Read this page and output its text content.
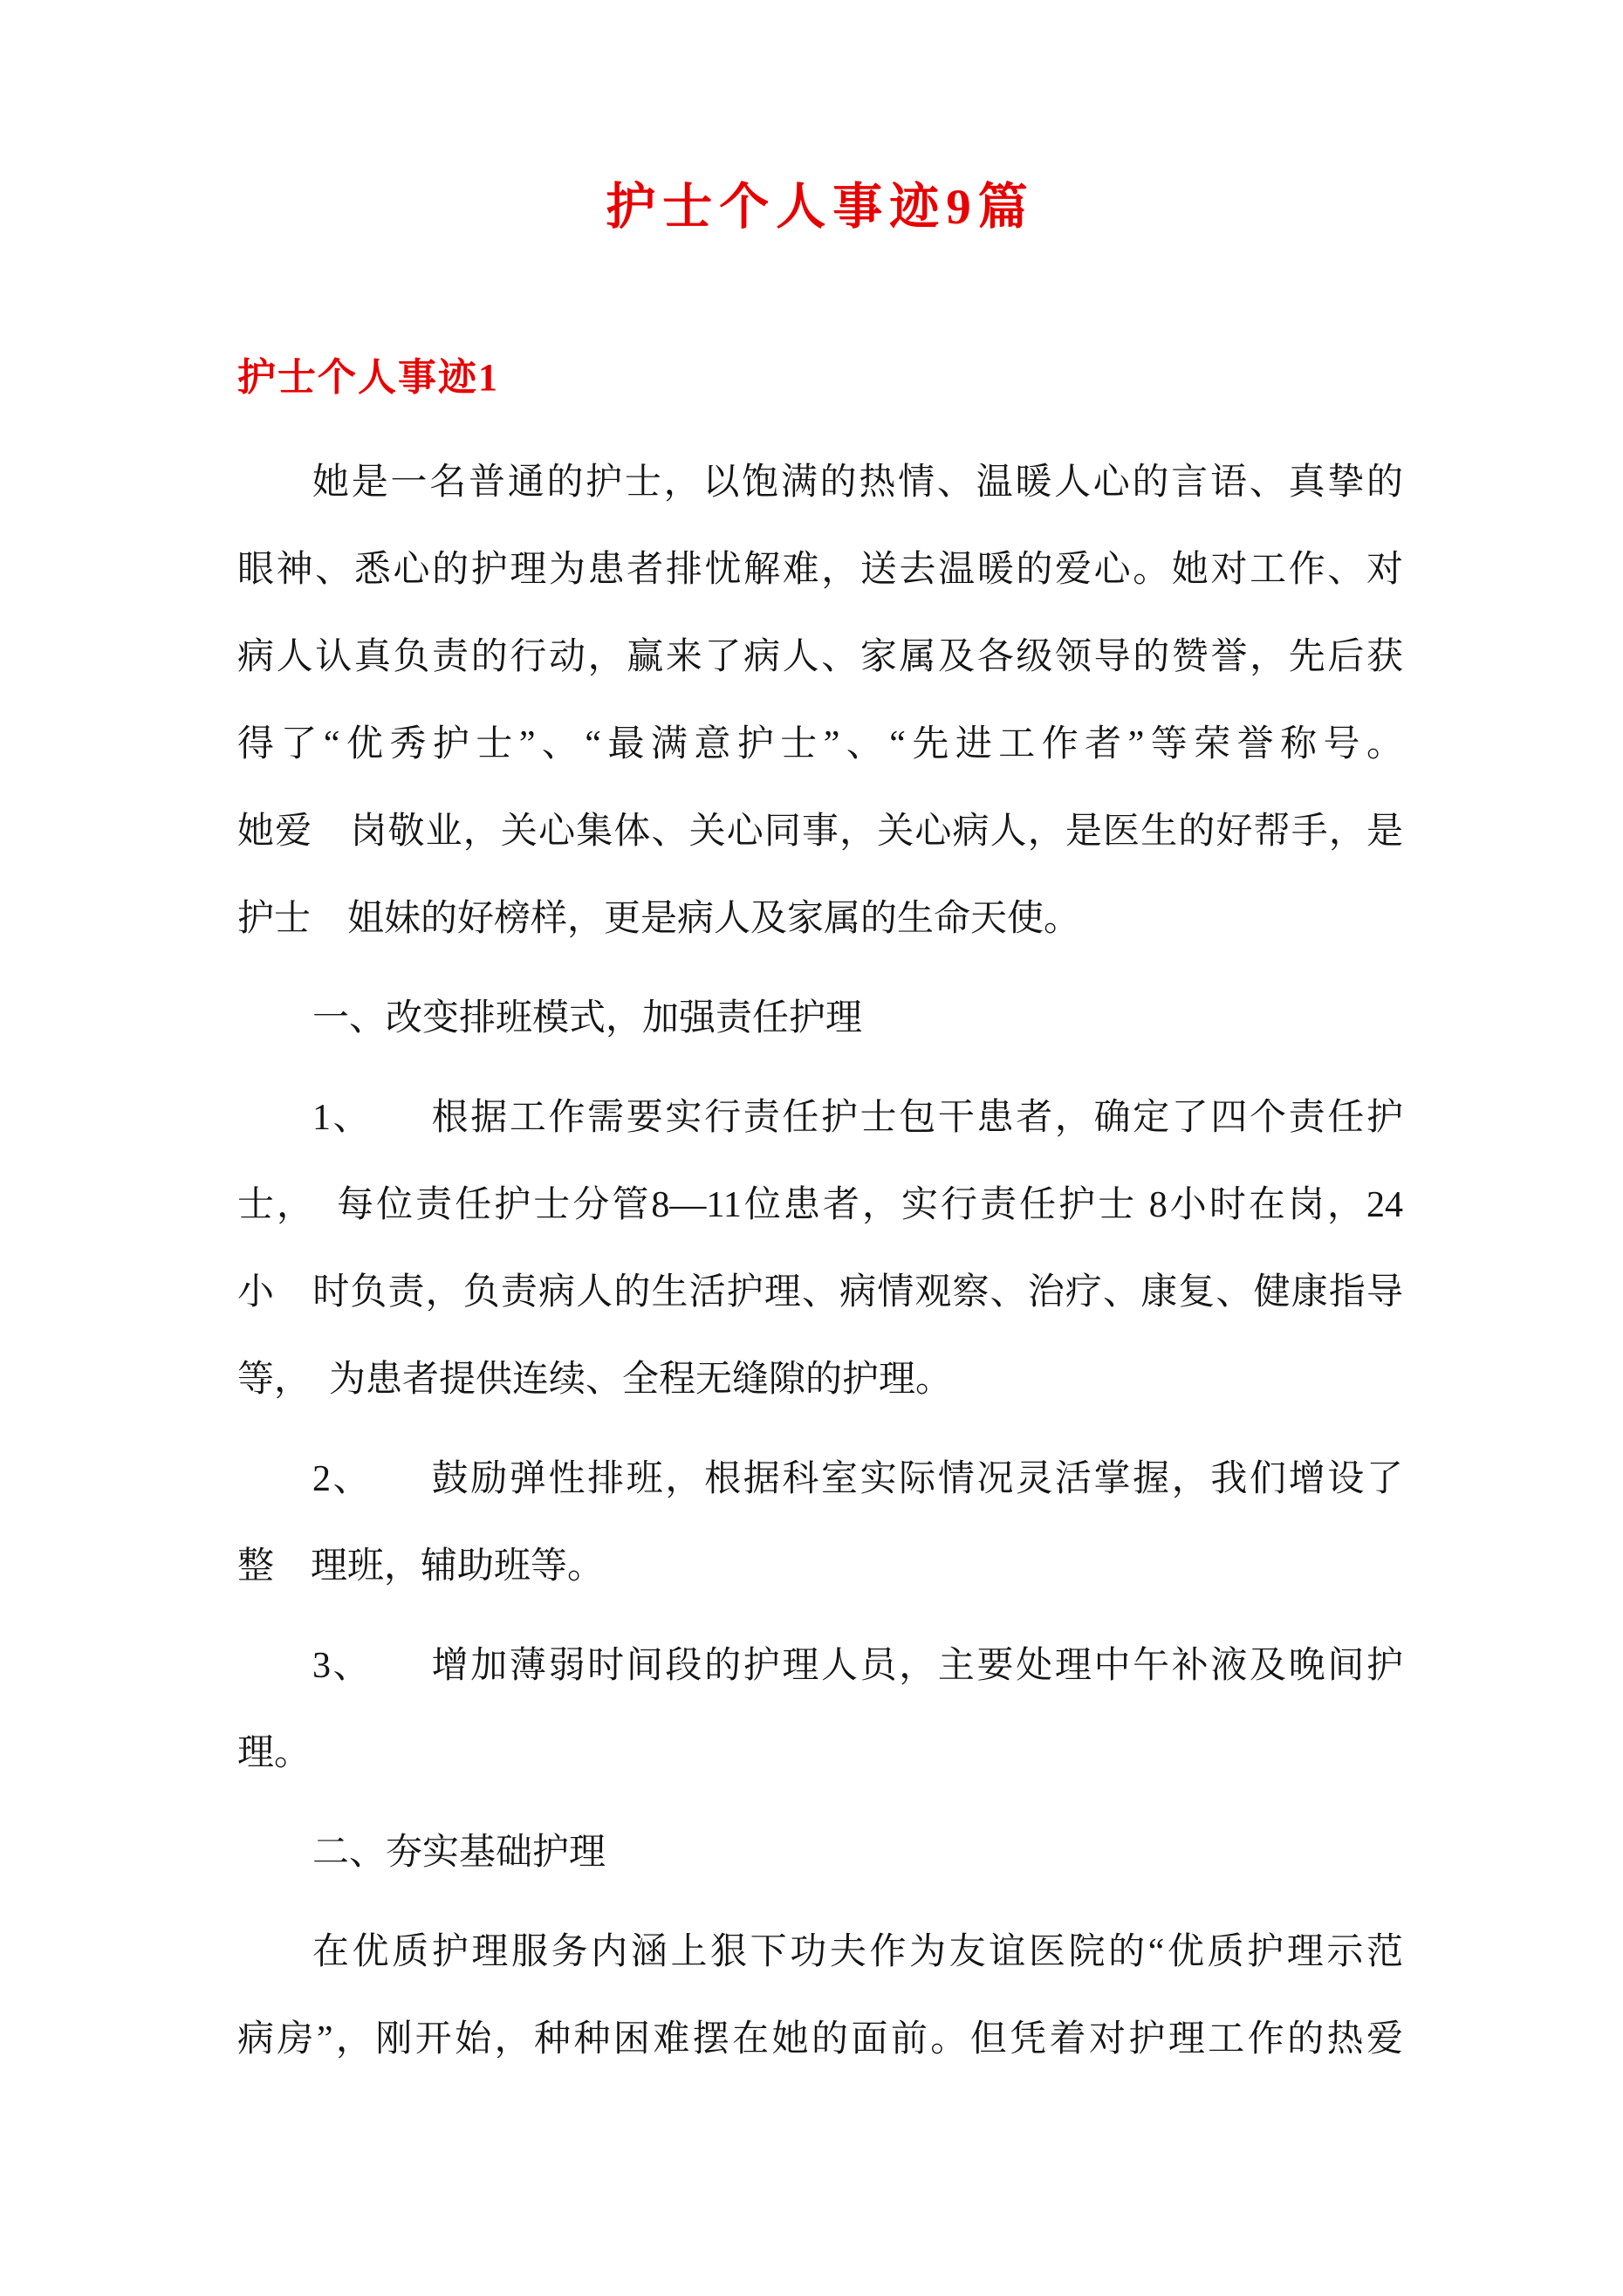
护士个人事迹9篇
护士个人事迹1
她是一名普通的护士，以饱满的热情、温暖人心的言语、真挚的
眼神、悉心的护理为患者排忧解难，送去温暖的爱心。她对工作、对
病人认真负责的行动，赢来了病人、家属及各级领导的赞誉，先后获
得了“优秀护士”、“最满意护士”、“先进工作者”等荣誉称号。
她爱　岗敬业，关心集体、关心同事，关心病人，是医生的好帮手，是
护士　姐妹的好榜样，更是病人及家属的生命天使。
一、改变排班模式，加强责任护理
1、　　根据工作需要实行责任护士包干患者，确定了四个责任护
士，　每位责任护士分管8—11位患者，实行责任护士 8小时在岗，24
小　时负责，负责病人的生活护理、病情观察、治疗、康复、健康指导
等，　为患者提供连续、全程无缝隙的护理。
2、　　鼓励弹性排班，根据科室实际情况灵活掌握，我们增设了
整　理班，辅助班等。
3、　　增加薄弱时间段的护理人员，主要处理中午补液及晚间护
理。
二、夯实基础护理
在优质护理服务内涵上狠下功夫作为友谊医院的“优质护理示范
病房”，刚开始，种种困难摆在她的面前。但凭着对护理工作的热爱
